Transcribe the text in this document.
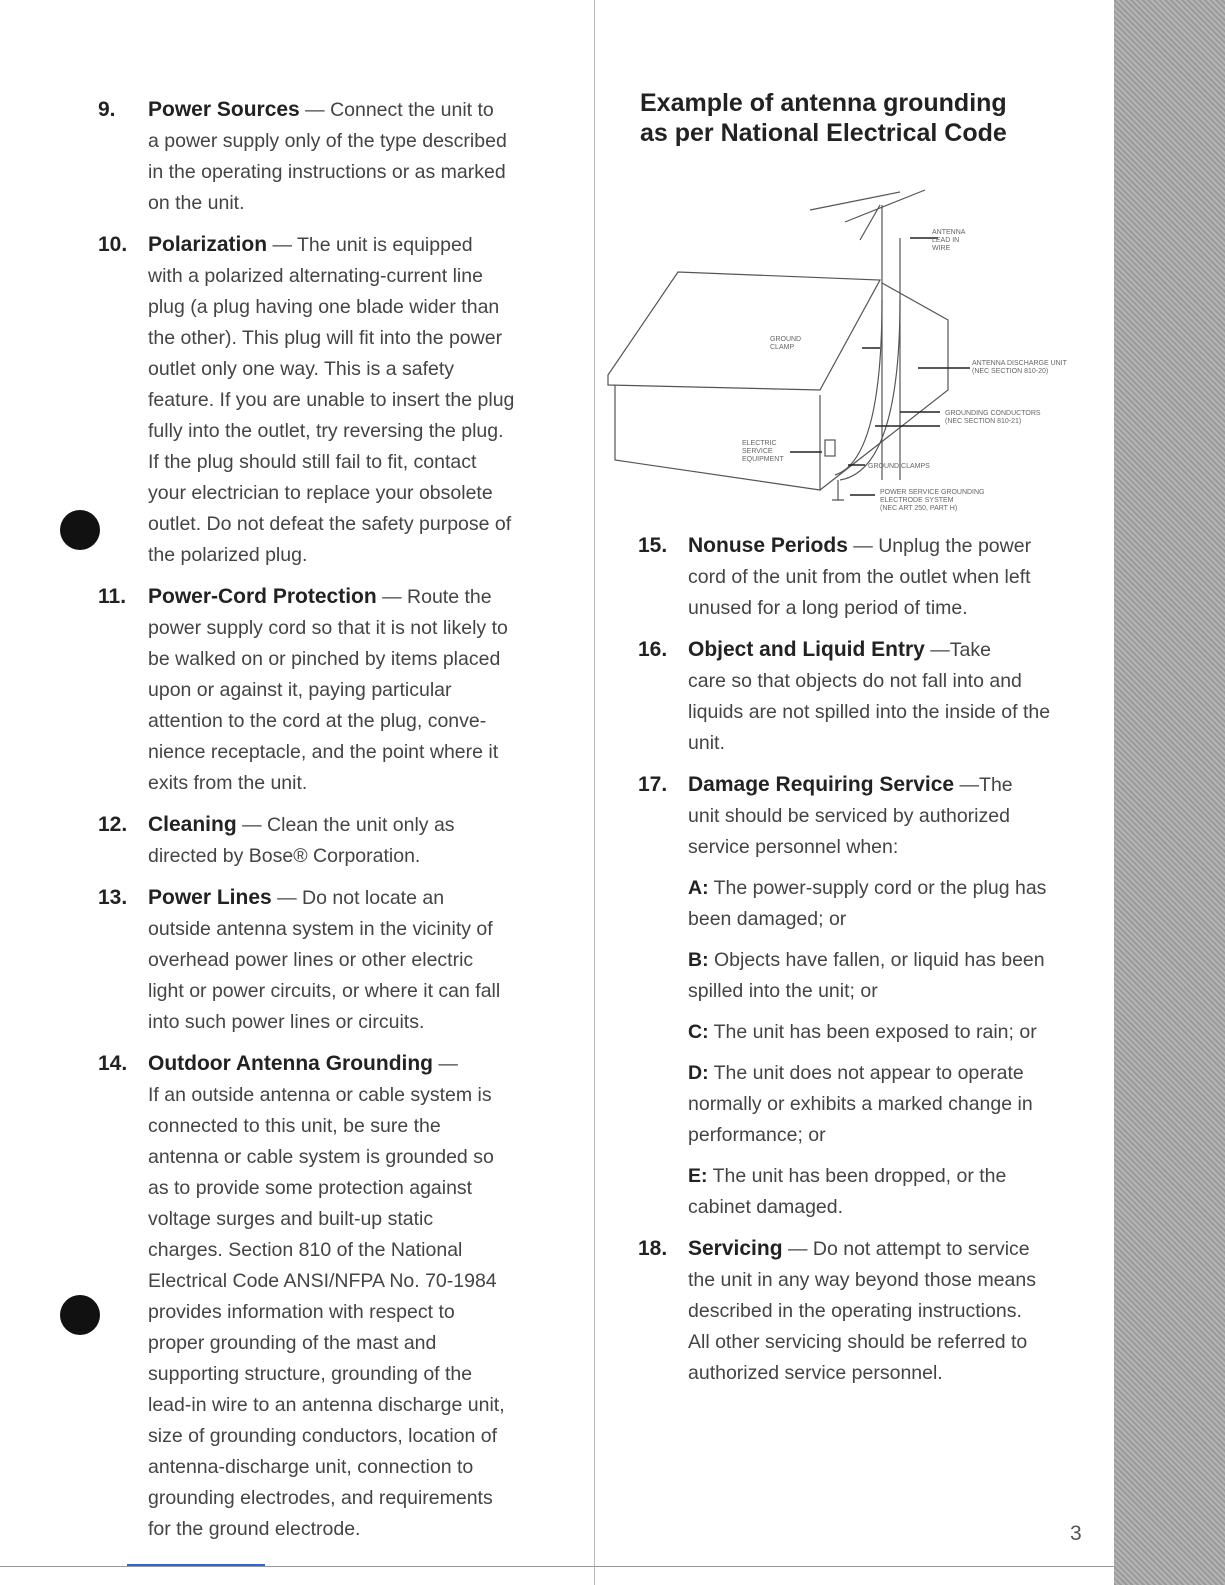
9. Power Sources — Connect the unit to
a power supply only of the type described
in the operating instructions or as marked
on the unit.
10. Polarization — The unit is equipped
with a polarized alternating-current line
plug (a plug having one blade wider than
the other). This plug will fit into the power
outlet only one way. This is a safety
feature. If you are unable to insert the plug
fully into the outlet, try reversing the plug.
If the plug should still fail to fit, contact
your electrician to replace your obsolete
outlet. Do not defeat the safety purpose of
the polarized plug.
11. Power-Cord Protection — Route the
power supply cord so that it is not likely to
be walked on or pinched by items placed
upon or against it, paying particular
attention to the cord at the plug, conve-
nience receptacle, and the point where it
exits from the unit.
12. Cleaning — Clean the unit only as
directed by Bose® Corporation.
13. Power Lines — Do not locate an
outside antenna system in the vicinity of
overhead power lines or other electric
light or power circuits, or where it can fall
into such power lines or circuits.
14. Outdoor Antenna Grounding —
If an outside antenna or cable system is
connected to this unit, be sure the
antenna or cable system is grounded so
as to provide some protection against
voltage surges and built-up static
charges. Section 810 of the National
Electrical Code ANSI/NFPA No. 70-1984
provides information with respect to
proper grounding of the mast and
supporting structure, grounding of the
lead-in wire to an antenna discharge unit,
size of grounding conductors, location of
antenna-discharge unit, connection to
grounding electrodes, and requirements
for the ground electrode.
Example of antenna grounding
as per National Electrical Code
ANTENNA
LEAD IN
WIRE
GROUND
CLAMP
ANTENNA DISCHARGE UNIT
(NEC SECTION 810-20)
GROUNDING CONDUCTORS
(NEC SECTION 810-21)
ELECTRIC
SERVICE
EQUIPMENT
GROUND CLAMPS
POWER SERVICE GROUNDING
ELECTRODE SYSTEM
(NEC ART 250, PART H)
15. Nonuse Periods — Unplug the power
cord of the unit from the outlet when left
unused for a long period of time.
16. Object and Liquid Entry —Take
care so that objects do not fall into and
liquids are not spilled into the inside of the
unit.
17. Damage Requiring Service —The
unit should be serviced by authorized
service personnel when:
A: The power-supply cord or the plug has
been damaged; or
B: Objects have fallen, or liquid has been
spilled into the unit; or
C: The unit has been exposed to rain; or
D: The unit does not appear to operate
normally or exhibits a marked change in
performance; or
E: The unit has been dropped, or the
cabinet damaged.
18. Servicing — Do not attempt to service
the unit in any way beyond those means
described in the operating instructions.
All other servicing should be referred to
authorized service personnel.
3
